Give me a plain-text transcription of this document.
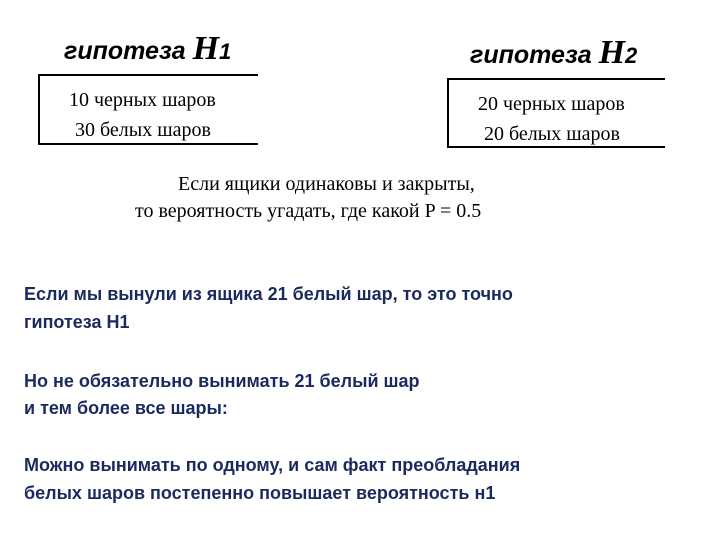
гипотеза Н1
10 черных шаров
30 белых шаров
гипотеза Н2
20 черных шаров
20 белых шаров
Если ящики одинаковы и закрыты,
то вероятность угадать, где какой P = 0.5
Если мы вынули из ящика 21 белый шар, то это точно
гипотеза Н1
Но не обязательно вынимать 21 белый шар
и тем более все шары:
Можно вынимать по одному, и сам факт преобладания
белых шаров постепенно повышает вероятность н1
